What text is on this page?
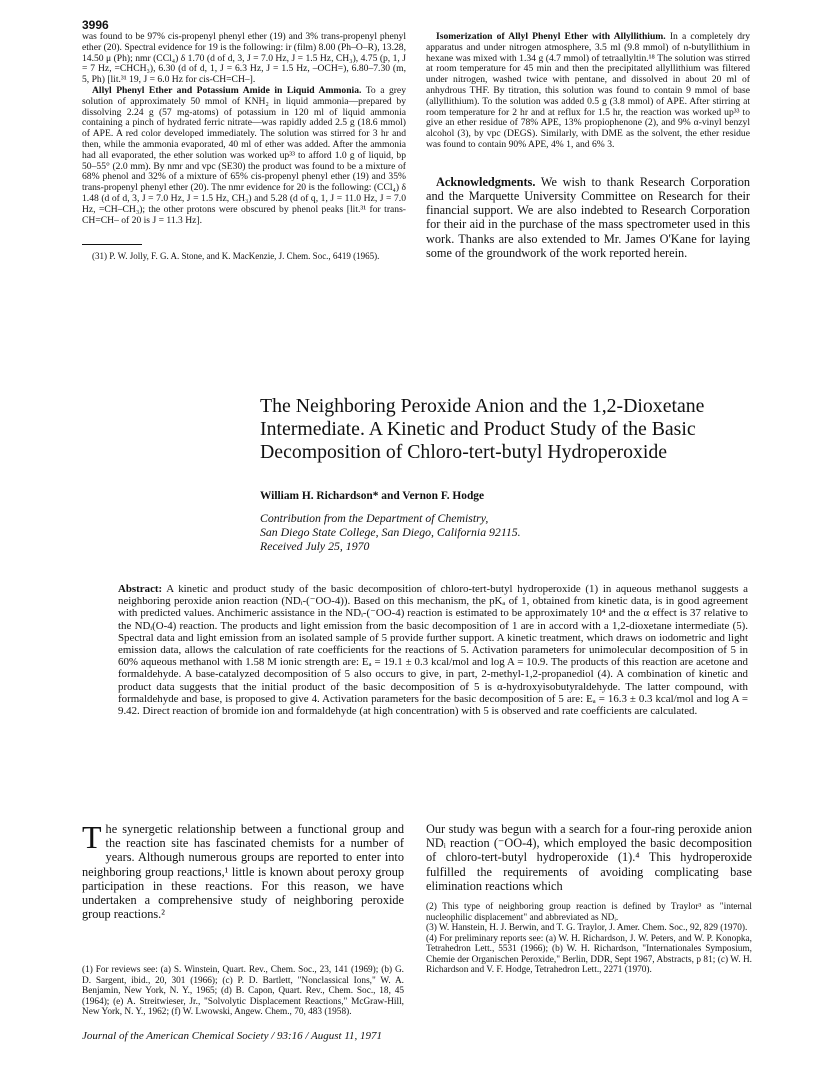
3996

was found to be 97% cis-propenyl phenyl ether (19) and 3% trans-propenyl phenyl ether (20). Spectral evidence for 19 is the following: ir (film) 8.00 (Ph–O–R), 13.28, 14.50 μ (Ph); nmr (CCl₄) δ 1.70 (d of d, 3, J = 7.0 Hz, J = 1.5 Hz, CH₃), 4.75 (p, 1, J = 7 Hz, =CHCH₃), 6.30 (d of d, 1, J = 6.3 Hz, J = 1.5 Hz, –OCH=), 6.80–7.30 (m, 5, Ph) [lit.³¹ 19, J = 6.0 Hz for cis-CH=CH–].

Allyl Phenyl Ether and Potassium Amide in Liquid Ammonia. To a grey solution of approximately 50 mmol of KNH₂ in liquid ammonia—prepared by dissolving 2.24 g (57 mg-atoms) of potassium in 120 ml of liquid ammonia containing a pinch of hydrated ferric nitrate—was rapidly added 2.5 g (18.6 mmol) of APE. A red color developed immediately. The solution was stirred for 3 hr and then, while the ammonia evaporated, 40 ml of ether was added. After the ammonia had all evaporated, the ether solution was worked up³³ to afford 1.0 g of liquid, bp 50–55° (2.0 mm). By nmr and vpc (SE30) the product was found to be a mixture of 68% phenol and 32% of a mixture of 65% cis-propenyl phenyl ether (19) and 35% trans-propenyl phenyl ether (20). The nmr evidence for 20 is the following: (CCl₄) δ 1.48 (d of d, 3, J = 7.0 Hz, J = 1.5 Hz, CH₃) and 5.28 (d of q, 1, J = 11.0 Hz, J = 7.0 Hz, =CH–CH₃); the other protons were obscured by phenol peaks [lit.³¹ for trans-CH=CH– of 20 is J = 11.3 Hz].

(31) P. W. Jolly, F. G. A. Stone, and K. MacKenzie, J. Chem. Soc., 6419 (1965).

Isomerization of Allyl Phenyl Ether with Allyllithium. In a completely dry apparatus and under nitrogen atmosphere, 3.5 ml (9.8 mmol) of n-butyllithium in hexane was mixed with 1.34 g (4.7 mmol) of tetraallyltin.¹⁸ The solution was stirred at room temperature for 45 min and then the precipitated allyllithium was filtered under nitrogen, washed twice with pentane, and dissolved in about 20 ml of anhydrous THF. By titration, this solution was found to contain 9 mmol of base (allyllithium). To the solution was added 0.5 g (3.8 mmol) of APE. After stirring at room temperature for 2 hr and at reflux for 1.5 hr, the reaction was worked up³³ to give an ether residue of 78% APE, 13% propiophenone (2), and 9% α-vinyl benzyl alcohol (3), by vpc (DEGS). Similarly, with DME as the solvent, the ether residue was found to contain 90% APE, 4% 1, and 6% 3.

Acknowledgments. We wish to thank Research Corporation and the Marquette University Committee on Research for their financial support. We are also indebted to Research Corporation for their aid in the purchase of the mass spectrometer used in this work. Thanks are also extended to Mr. James O'Kane for laying some of the groundwork of the work reported herein.

The Neighboring Peroxide Anion and the 1,2-Dioxetane Intermediate. A Kinetic and Product Study of the Basic Decomposition of Chloro-tert-butyl Hydroperoxide
William H. Richardson* and Vernon F. Hodge
Contribution from the Department of Chemistry,
San Diego State College, San Diego, California 92115.
Received July 25, 1970
Abstract: A kinetic and product study of the basic decomposition of chloro-tert-butyl hydroperoxide (1) in aqueous methanol suggests a neighboring peroxide anion reaction (NDᵢ-(⁻OO-4)). Based on this mechanism, the pKₐ of 1, obtained from kinetic data, is in good agreement with predicted values. Anchimeric assistance in the NDᵢ-(⁻OO-4) reaction is estimated to be approximately 10⁴ and the α effect is 37 relative to the NDᵢ(O-4) reaction. The products and light emission from the basic decomposition of 1 are in accord with a 1,2-dioxetane intermediate (5). Spectral data and light emission from an isolated sample of 5 provide further support. A kinetic treatment, which draws on iodometric and light emission data, allows the calculation of rate coefficients for the reactions of 5. Activation parameters for unimolecular decomposition of 5 in 60% aqueous methanol with 1.58 M ionic strength are: Eₐ = 19.1 ± 0.3 kcal/mol and log A = 10.9. The products of this reaction are acetone and formaldehyde. A base-catalyzed decomposition of 5 also occurs to give, in part, 2-methyl-1,2-propanediol (4). A combination of kinetic and product data suggests that the initial product of the basic decomposition of 5 is α-hydroxyisobutyraldehyde. The latter compound, with formaldehyde and base, is proposed to give 4. Activation parameters for the basic decomposition of 5 are: Eₐ = 16.3 ± 0.3 kcal/mol and log A = 9.42. Direct reaction of bromide ion and formaldehyde (at high concentration) with 5 is observed and rate coefficients are calculated.
T he synergetic relationship between a functional group and the reaction site has fascinated chemists for a number of years. Although numerous groups are reported to enter into neighboring group reactions,¹ little is known about peroxy group participation in these reactions. For this reason, we have undertaken a comprehensive study of neighboring peroxide group reactions.²
Our study was begun with a search for a four-ring peroxide anion NDᵢ reaction (⁻OO-4), which employed the basic decomposition of chloro-tert-butyl hydroperoxide (1).⁴ This hydroperoxide fulfilled the requirements of avoiding complicating base elimination reactions which

(1) For reviews see: (a) S. Winstein, Quart. Rev., Chem. Soc., 23, 141 (1969); (b) G. D. Sargent, ibid., 20, 301 (1966); (c) P. D. Bartlett, "Nonclassical Ions," W. A. Benjamin, New York, N. Y., 1965; (d) B. Capon, Quart. Rev., Chem. Soc., 18, 45 (1964); (e) A. Streitwieser, Jr., "Solvolytic Displacement Reactions," McGraw-Hill, New York, N. Y., 1962; (f) W. Lwowski, Angew. Chem., 70, 483 (1958).

(2) This type of neighboring group reaction is defined by Traylor³ as "internal nucleophilic displacement" and abbreviated as NDᵢ.

(3) W. Hanstein, H. J. Berwin, and T. G. Traylor, J. Amer. Chem. Soc., 92, 829 (1970).

(4) For preliminary reports see: (a) W. H. Richardson, J. W. Peters, and W. P. Konopka, Tetrahedron Lett., 5531 (1966); (b) W. H. Richardson, "Internationales Symposium, Chemie der Organischen Peroxide," Berlin, DDR, Sept 1967, Abstracts, p 81; (c) W. H. Richardson and V. F. Hodge, Tetrahedron Lett., 2271 (1970).

Journal of the American Chemical Society / 93:16 / August 11, 1971
